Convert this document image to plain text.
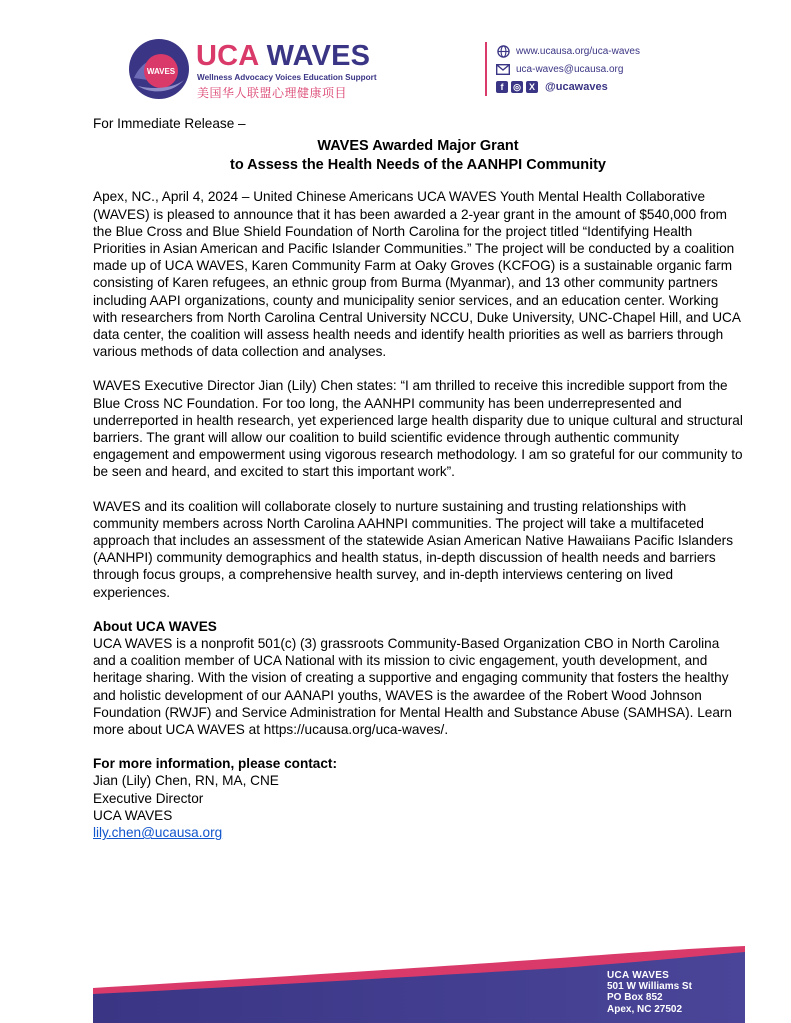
WAVES UCA WAVES
Wellness Advocacy Voices Education Support
美国华人联盟心理健康项目
www.ucausa.org/uca-waves
uca-waves@ucausa.org
f	◎ X @ucawaves

For Immediate Release –

WAVES Awarded Major Grant
to Assess the Health Needs of the AANHPI Community

Apex, NC., April 4, 2024 – United Chinese Americans UCA WAVES Youth Mental Health Collaborative (WAVES) is pleased to announce that it has been awarded a 2-year grant in the amount of $540,000 from the Blue Cross and Blue Shield Foundation of North Carolina for the project titled “Identifying Health Priorities in Asian American and Pacific Islander Communities.” The project will be conducted by a coalition made up of UCA WAVES, Karen Community Farm at Oaky Groves (KCFOG) is a sustainable organic farm consisting of Karen refugees, an ethnic group from Burma (Myanmar), and 13 other community partners including AAPI organizations, county and municipality senior services, and an education center. Working with researchers from North Carolina Central University NCCU, Duke University, UNC-Chapel Hill, and UCA data center, the coalition will assess health needs and identify health priorities as well as barriers through various methods of data collection and analyses.

WAVES Executive Director Jian (Lily) Chen states: “I am thrilled to receive this incredible support from the Blue Cross NC Foundation. For too long, the AANHPI community has been underrepresented and underreported in health research, yet experienced large health disparity due to unique cultural and structural barriers. The grant will allow our coalition to build scientific evidence through authentic community engagement and empowerment using vigorous research methodology. I am so grateful for our community to be seen and heard, and excited to start this important work”.

WAVES and its coalition will collaborate closely to nurture sustaining and trusting relationships with community members across North Carolina AAHNPI communities. The project will take a multifaceted approach that includes an assessment of the statewide Asian American Native Hawaiians Pacific Islanders (AANHPI) community demographics and health status, in-depth discussion of health needs and barriers through focus groups, a comprehensive health survey, and in-depth interviews centering on lived experiences.

About UCA WAVES

UCA WAVES is a nonprofit 501(c) (3) grassroots Community-Based Organization CBO in North Carolina and a coalition member of UCA National with its mission to civic engagement, youth development, and heritage sharing. With the vision of creating a supportive and engaging community that fosters the healthy and holistic development of our AANAPI youths, WAVES is the awardee of the Robert Wood Johnson Foundation (RWJF) and Service Administration for Mental Health and Substance Abuse (SAMHSA). Learn more about UCA WAVES at https://ucausa.org/uca-waves/.

For more information, please contact:

Jian (Lily) Chen, RN, MA, CNE

Executive Director

UCA WAVES

lily.chen@ucausa.org

UCA WAVES
501 W Williams St
PO Box 852
Apex, NC 27502
